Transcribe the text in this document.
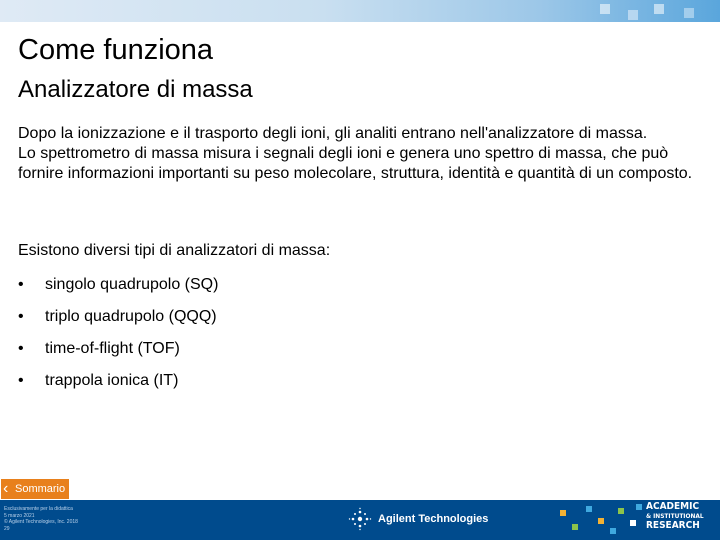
Come funziona
Analizzatore di massa

Dopo la ionizzazione e il trasporto degli ioni, gli analiti entrano nell'analizzatore di massa.

Lo spettrometro di massa misura i segnali degli ioni e genera uno spettro di massa, che può fornire informazioni importanti su peso molecolare, struttura, identità e quantità di un composto.

Esistono diversi tipi di analizzatori di massa:

• singolo quadrupolo (SQ)
• triplo quadrupolo (QQQ)
• time-of-flight (TOF)
• trappola ionica (IT)
‹ Sommario
Esclusivamente per la didattica
5 marzo 2021
© Agilent Technologies, Inc. 2018
29
Agilent Technologies
ACADEMIC
& INSTITUTIONAL
RESEARCH
